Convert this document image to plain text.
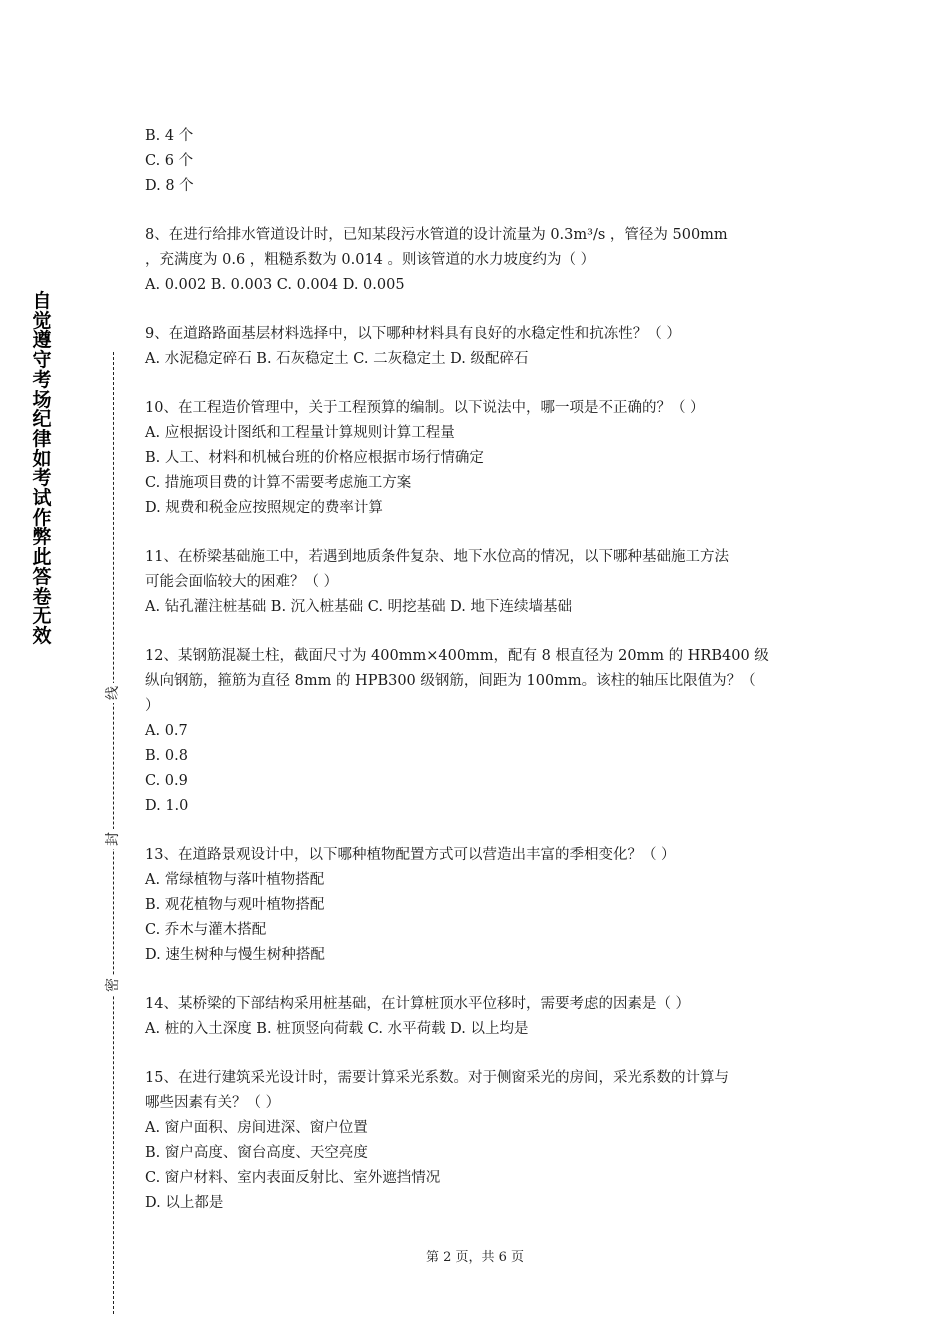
自觉遵守考场纪律如考试作弊此答卷无效
线
封
密
B. 4 个
C. 6 个
D. 8 个
8、在进行给排水管道设计时，已知某段污水管道的设计流量为 0.3m³/s ，管径为 500mm
，充满度为 0.6 ，粗糙系数为 0.014 。则该管道的水力坡度约为（ ）
A. 0.002 B. 0.003 C. 0.004 D. 0.005
9、在道路路面基层材料选择中，以下哪种材料具有良好的水稳定性和抗冻性？（ ）
A. 水泥稳定碎石 B. 石灰稳定土 C. 二灰稳定土 D. 级配碎石
10、在工程造价管理中，关于工程预算的编制。以下说法中，哪一项是不正确的？（ ）
A. 应根据设计图纸和工程量计算规则计算工程量
B. 人工、材料和机械台班的价格应根据市场行情确定
C. 措施项目费的计算不需要考虑施工方案
D. 规费和税金应按照规定的费率计算
11、在桥梁基础施工中，若遇到地质条件复杂、地下水位高的情况，以下哪种基础施工方法
可能会面临较大的困难？（ ）
A. 钻孔灌注桩基础 B. 沉入桩基础 C. 明挖基础 D. 地下连续墙基础
12、某钢筋混凝土柱，截面尺寸为 400mm×400mm，配有 8 根直径为 20mm 的 HRB400 级
纵向钢筋，箍筋为直径 8mm 的 HPB300 级钢筋，间距为 100mm。该柱的轴压比限值为？（
）
A. 0.7
B. 0.8
C. 0.9
D. 1.0
13、在道路景观设计中，以下哪种植物配置方式可以营造出丰富的季相变化？（ ）
A. 常绿植物与落叶植物搭配
B. 观花植物与观叶植物搭配
C. 乔木与灌木搭配
D. 速生树种与慢生树种搭配
14、某桥梁的下部结构采用桩基础，在计算桩顶水平位移时，需要考虑的因素是（ ）
A. 桩的入土深度 B. 桩顶竖向荷载 C. 水平荷载 D. 以上均是
15、在进行建筑采光设计时，需要计算采光系数。对于侧窗采光的房间，采光系数的计算与
哪些因素有关？（ ）
A. 窗户面积、房间进深、窗户位置
B. 窗户高度、窗台高度、天空亮度
C. 窗户材料、室内表面反射比、室外遮挡情况
D. 以上都是
第 2 页，共 6 页
